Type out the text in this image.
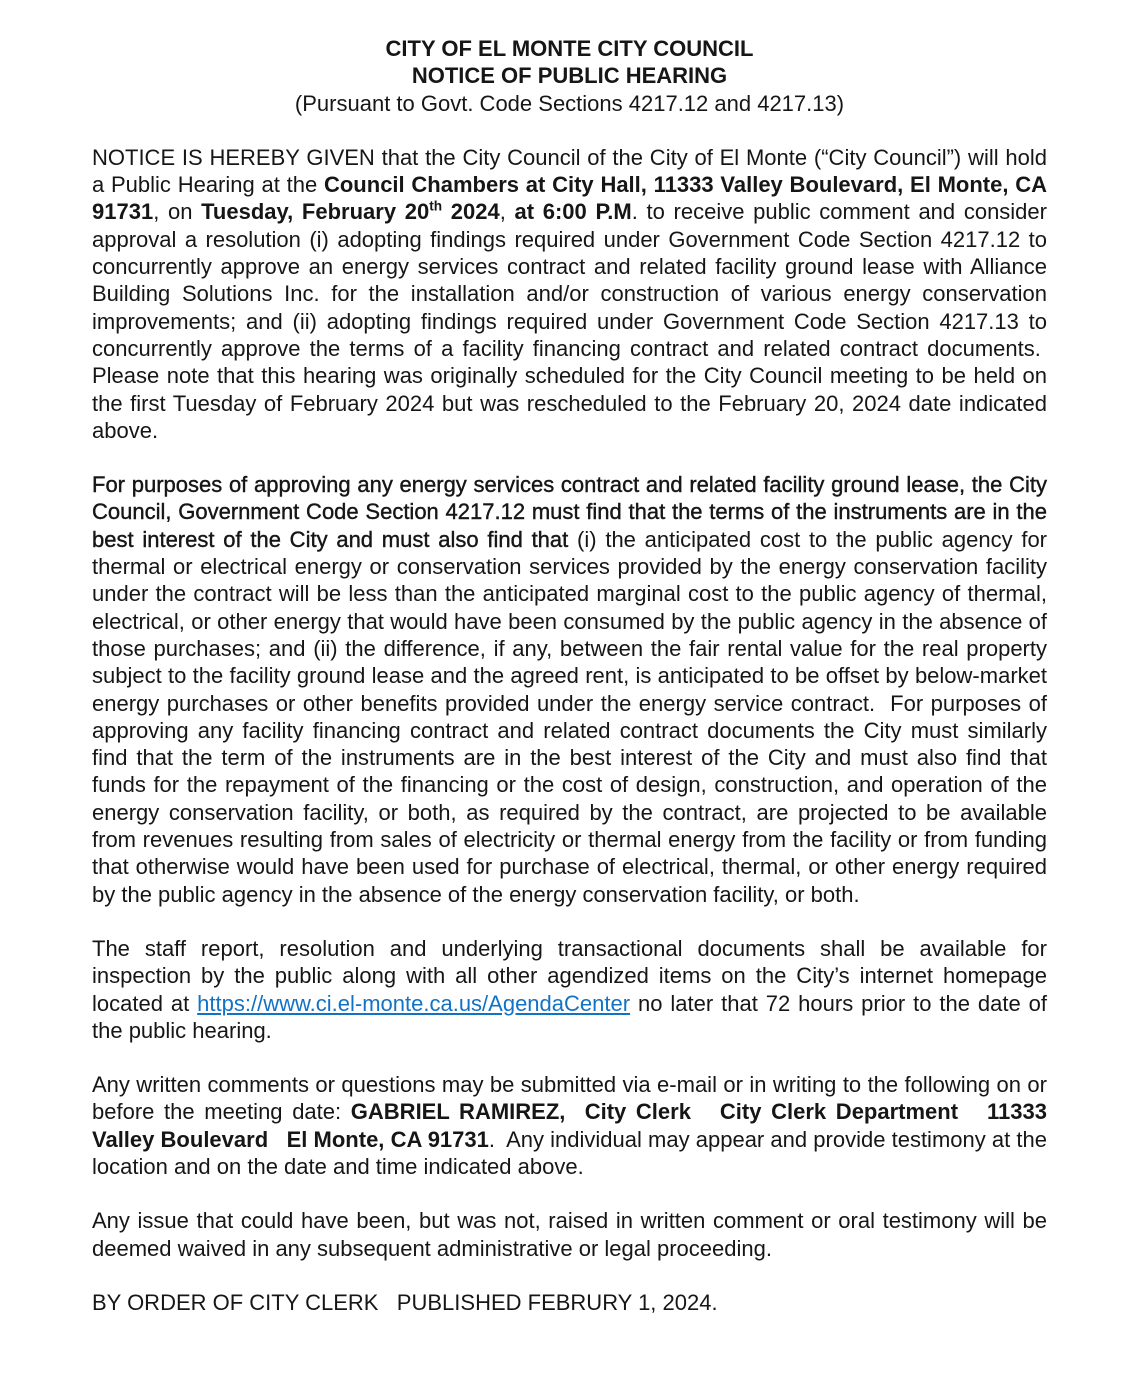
CITY OF EL MONTE CITY COUNCIL
NOTICE OF PUBLIC HEARING
(Pursuant to Govt. Code Sections 4217.12 and 4217.13)

NOTICE IS HEREBY GIVEN that the City Council of the City of El Monte (“City Council”) will hold a Public Hearing at the Council Chambers at City Hall, 11333 Valley Boulevard, El Monte, CA 91731, on Tuesday, February 20th 2024, at 6:00 P.M. to receive public comment and consider approval a resolution (i) adopting findings required under Government Code Section 4217.12 to concurrently approve an energy services contract and related facility ground lease with Alliance Building Solutions Inc. for the installation and/or construction of various energy conservation improvements; and (ii) adopting findings required under Government Code Section 4217.13 to concurrently approve the terms of a facility financing contract and related contract documents.  Please note that this hearing was originally scheduled for the City Council meeting to be held on the first Tuesday of February 2024 but was rescheduled to the February 20, 2024 date indicated above.

For purposes of approving any energy services contract and related facility ground lease, the City Council, Government Code Section 4217.12 must find that the terms of the instruments are in the best interest of the City and must also find that (i) the anticipated cost to the public agency for thermal or electrical energy or conservation services provided by the energy conservation facility under the contract will be less than the anticipated marginal cost to the public agency of thermal, electrical, or other energy that would have been consumed by the public agency in the absence of those purchases; and (ii) the difference, if any, between the fair rental value for the real property subject to the facility ground lease and the agreed rent, is anticipated to be offset by below-market energy purchases or other benefits provided under the energy service contract.  For purposes of approving any facility financing contract and related contract documents the City must similarly find that the term of the instruments are in the best interest of the City and must also find that funds for the repayment of the financing or the cost of design, construction, and operation of the energy conservation facility, or both, as required by the contract, are projected to be available from revenues resulting from sales of electricity or thermal energy from the facility or from funding that otherwise would have been used for purchase of electrical, thermal, or other energy required by the public agency in the absence of the energy conservation facility, or both.

The staff report, resolution and underlying transactional documents shall be available for inspection by the public along with all other agendized items on the City’s internet homepage located at https://www.ci.el-monte.ca.us/AgendaCenter no later that 72 hours prior to the date of the public hearing.

Any written comments or questions may be submitted via e-mail or in writing to the following on or before the meeting date: GABRIEL RAMIREZ,  City Clerk   City Clerk Department   11333 Valley Boulevard   El Monte, CA 91731.  Any individual may appear and provide testimony at the location and on the date and time indicated above.

Any issue that could have been, but was not, raised in written comment or oral testimony will be deemed waived in any subsequent administrative or legal proceeding.

BY ORDER OF CITY CLERK   PUBLISHED FEBRURY 1, 2024.
